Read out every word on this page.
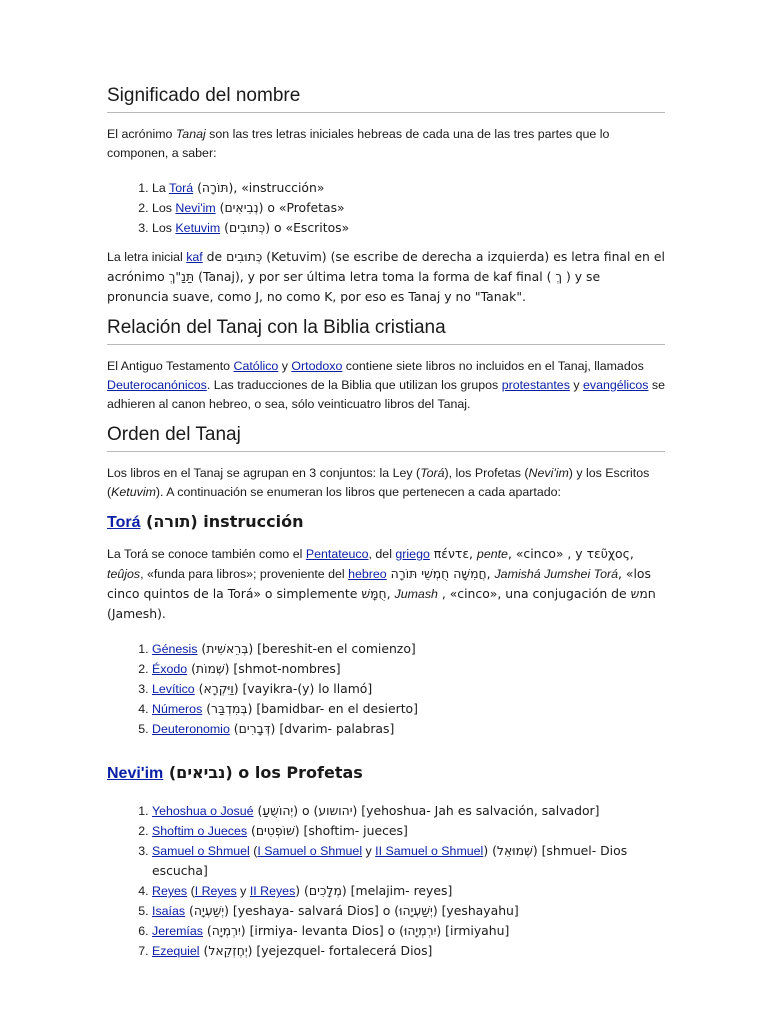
Significado del nombre

El acrónimo Tanaj son las tres letras iniciales hebreas de cada una de las tres partes que lo componen, a saber:

1. La Torá (תּוֹרָה), «instrucción»
2. Los Nevi'im (נְבִיאִים) o «Profetas»
3. Los Ketuvim (כְּתוּבִים) o «Escritos»

La letra inicial kaf de כְּתוּבִים (Ketuvim) (se escribe de derecha a izquierda) es letra final en el acrónimo תַּנַ"ךְ (Tanaj), y por ser última letra toma la forma de kaf final ( ךְ ) y se pronuncia suave, como J, no como K, por eso es Tanaj y no "Tanak".

Relación del Tanaj con la Biblia cristiana

El Antiguo Testamento Católico y Ortodoxo contiene siete libros no incluidos en el Tanaj, llamados Deuterocanónicos. Las traducciones de la Biblia que utilizan los grupos protestantes y evangélicos se adhieren al canon hebreo, o sea, sólo veinticuatro libros del Tanaj.

Orden del Tanaj

Los libros en el Tanaj se agrupan en 3 conjuntos: la Ley (Torá), los Profetas (Nevi'im) y los Escritos (Ketuvim). A continuación se enumeran los libros que pertenecen a cada apartado:

Torá (תורה) instrucción

La Torá se conoce también como el Pentateuco, del griego πέντε, pente, «cinco» , y τεῦχος, teûjos, «funda para libros»; proveniente del hebreo חֲמִשָּׁה חֻמְשֵׁי תּוֹרָה, Jamishá Jumshei Torá, «los cinco quintos de la Torá» o simplemente חֻמָּשׁ, Jumash , «cinco», una conjugación de חמש (Jamesh).

1. Génesis (בְּרֵאשִׁית) [bereshit-en el comienzo]
2. Éxodo (שְׁמוֹת) [shmot-nombres]
3. Levítico (וַיִּקְרָא) [vayikra-(y) lo llamó]
4. Números (בְּמִדְבַּר) [bamidbar- en el desierto]
5. Deuteronomio (דְּבָרִים) [dvarim- palabras]
Nevi'im (נביאים) o los Profetas
1. Yehoshua o Josué (יְהוֹשֻעַ) o (יהושוע) [yehoshua- Jah es salvación, salvador]
2. Shoftim o Jueces (שׁוֹפְטִים) [shoftim- jueces]
3. Samuel o Shmuel (I Samuel o Shmuel y II Samuel o Shmuel) (שְׁמוּאֵל) [shmuel- Dios escucha]
4. Reyes (I Reyes y II Reyes) (מְלָכִים) [melajim- reyes]
5. Isaías (יְשַׁעְיָה) [yeshaya- salvará Dios] o (יְשַׁעְיָהוּ) [yeshayahu]
6. Jeremías (יִרְמְיָה) [irmiya- levanta Dios] o (יִרְמְיָהוּ) [irmiyahu]
7. Ezequiel (יְחֶזְקֵאל) [yejezquel- fortalecerá Dios]
